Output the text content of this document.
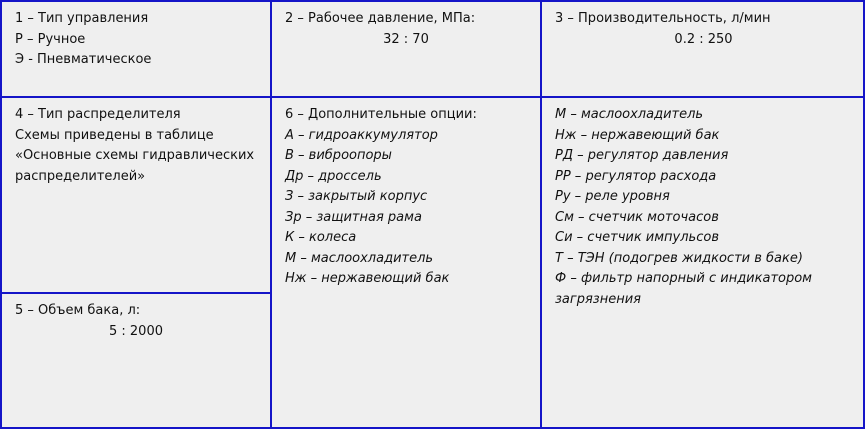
1 – Тип управления
Р – Ручное
Э - Пневматическое
2 – Рабочее давление, МПа:
32 : 70
3 – Производительность, л/мин
0.2 : 250
4 – Тип распределителя
Схемы приведены в таблице
«Основные схемы гидравлических
распределителей»
5 – Объем бака, л:
5 : 2000
6 – Дополнительные опции:
А – гидроаккумулятор
В – виброопоры
Др – дроссель
З – закрытый корпус
Зр – защитная рама
К – колеса
М – маслоохладитель
Нж – нержавеющий бак
М – маслоохладитель
Нж – нержавеющий бак
РД – регулятор давления
РР – регулятор расхода
Ру – реле уровня
См – счетчик моточасов
Си – счетчик импульсов
Т – ТЭН (подогрев жидкости в баке)
Ф – фильтр напорный с индикатором
загрязнения
